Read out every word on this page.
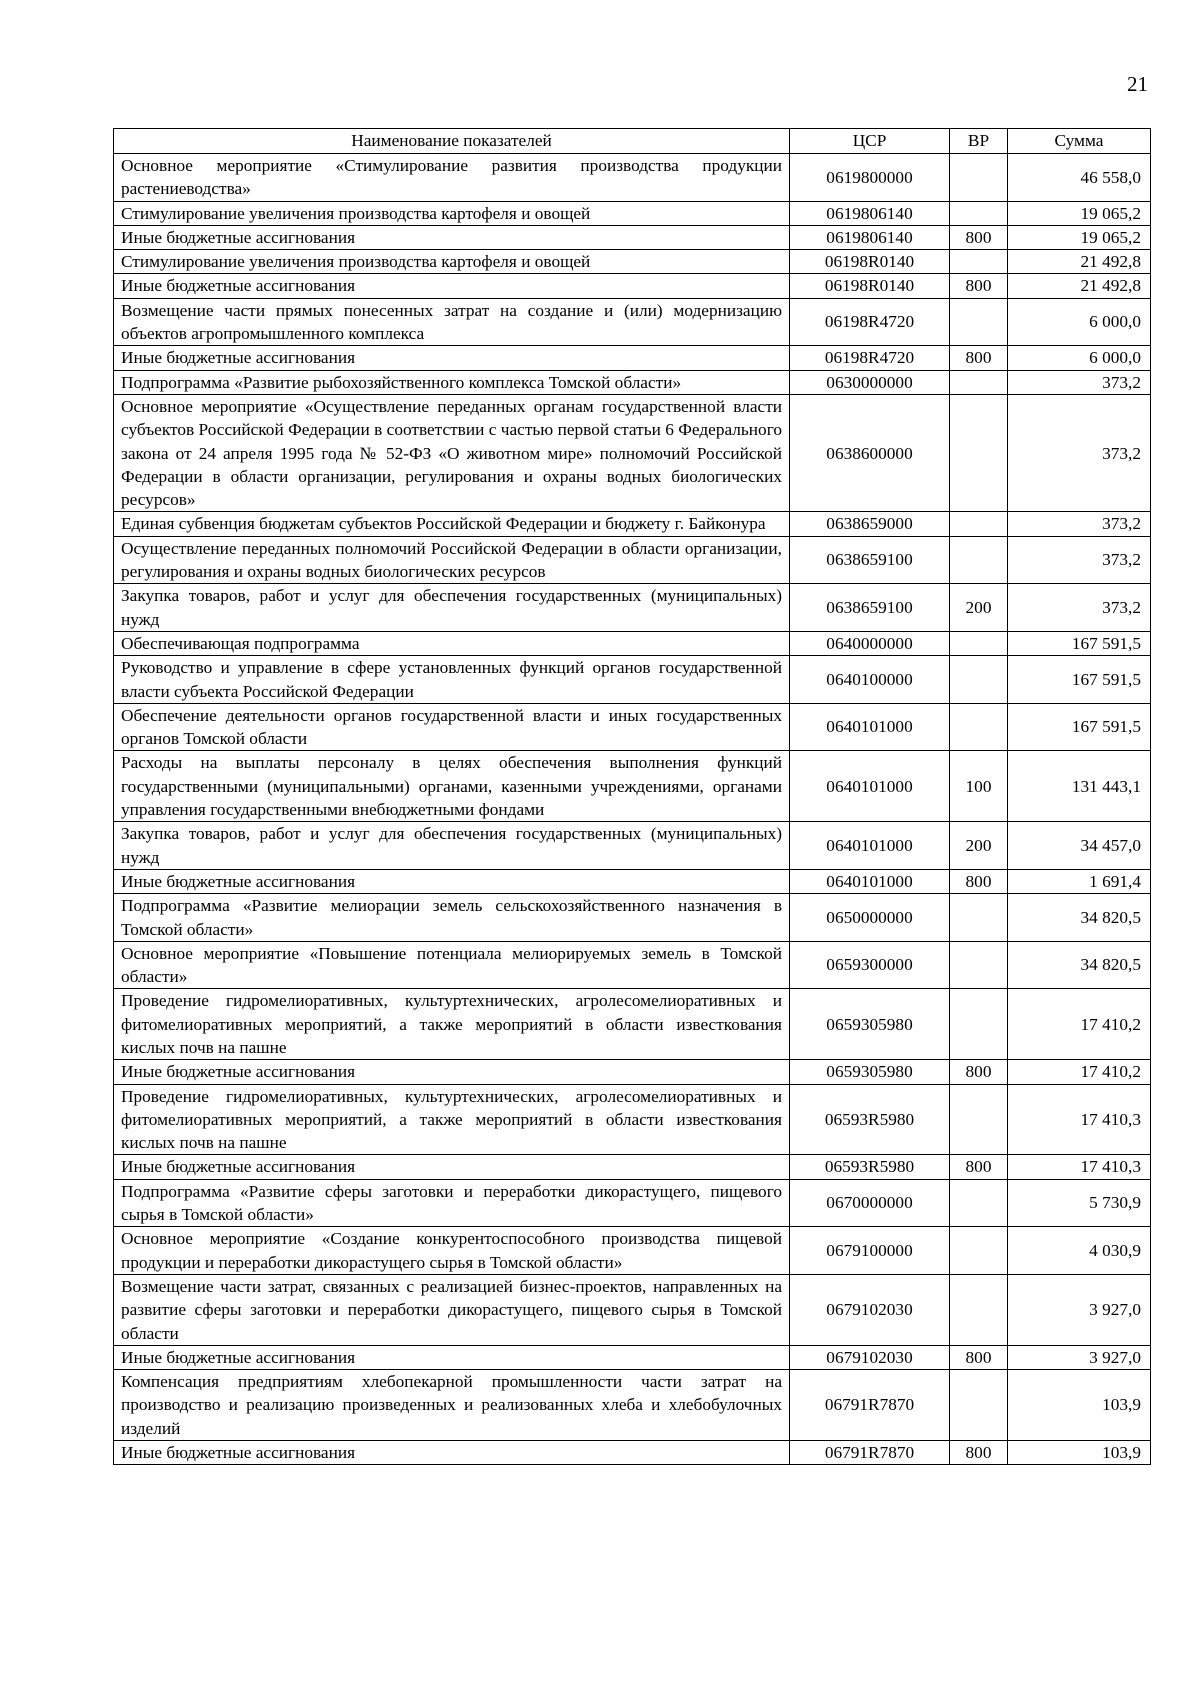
21
Наименование показателей	ЦСР	ВР	Сумма
Основное мероприятие «Стимулирование развития производства продукции растениеводства»	0619800000		46 558,0
Стимулирование увеличения производства картофеля и овощей	0619806140		19 065,2
Иные бюджетные ассигнования	0619806140	800	19 065,2
Стимулирование увеличения производства картофеля и овощей	06198R0140		21 492,8
Иные бюджетные ассигнования	06198R0140	800	21 492,8
Возмещение части прямых понесенных затрат на создание и (или) модернизацию объектов агропромышленного комплекса	06198R4720		6 000,0
Иные бюджетные ассигнования	06198R4720	800	6 000,0
Подпрограмма «Развитие рыбохозяйственного комплекса Томской области»	0630000000		373,2
Основное мероприятие «Осуществление переданных органам государственной власти субъектов Российской Федерации в соответствии с частью первой статьи 6 Федерального закона от 24 апреля 1995 года № 52-ФЗ «О животном мире» полномочий Российской Федерации в области организации, регулирования и охраны водных биологических ресурсов»	0638600000		373,2
Единая субвенция бюджетам субъектов Российской Федерации и бюджету г. Байконура	0638659000		373,2
Осуществление переданных полномочий Российской Федерации в области организации, регулирования и охраны водных биологических ресурсов	0638659100		373,2
Закупка товаров, работ и услуг для обеспечения государственных (муниципальных) нужд	0638659100	200	373,2
Обеспечивающая подпрограмма	0640000000		167 591,5
Руководство и управление в сфере установленных функций органов государственной власти субъекта Российской Федерации	0640100000		167 591,5
Обеспечение деятельности органов государственной власти и иных государственных органов Томской области	0640101000		167 591,5
Расходы на выплаты персоналу в целях обеспечения выполнения функций государственными (муниципальными) органами, казенными учреждениями, органами управления государственными внебюджетными фондами	0640101000	100	131 443,1
Закупка товаров, работ и услуг для обеспечения государственных (муниципальных) нужд	0640101000	200	34 457,0
Иные бюджетные ассигнования	0640101000	800	1 691,4
Подпрограмма «Развитие мелиорации земель сельскохозяйственного назначения в Томской области»	0650000000		34 820,5
Основное мероприятие «Повышение потенциала мелиорируемых земель в Томской области»	0659300000		34 820,5
Проведение гидромелиоративных, культуртехнических, агролесомелиоративных и фитомелиоративных мероприятий, а также мероприятий в области известкования кислых почв на пашне	0659305980		17 410,2
Иные бюджетные ассигнования	0659305980	800	17 410,2
Проведение гидромелиоративных, культуртехнических, агролесомелиоративных и фитомелиоративных мероприятий, а также мероприятий в области известкования кислых почв на пашне	06593R5980		17 410,3
Иные бюджетные ассигнования	06593R5980	800	17 410,3
Подпрограмма «Развитие сферы заготовки и переработки дикорастущего, пищевого сырья в Томской области»	0670000000		5 730,9
Основное мероприятие «Создание конкурентоспособного производства пищевой продукции и переработки дикорастущего сырья в Томской области»	0679100000		4 030,9
Возмещение части затрат, связанных с реализацией бизнес-проектов, направленных на развитие сферы заготовки и переработки дикорастущего, пищевого сырья в Томской области	0679102030		3 927,0
Иные бюджетные ассигнования	0679102030	800	3 927,0
Компенсация предприятиям хлебопекарной промышленности части затрат на производство и реализацию произведенных и реализованных хлеба и хлебобулочных изделий	06791R7870		103,9
Иные бюджетные ассигнования	06791R7870	800	103,9
